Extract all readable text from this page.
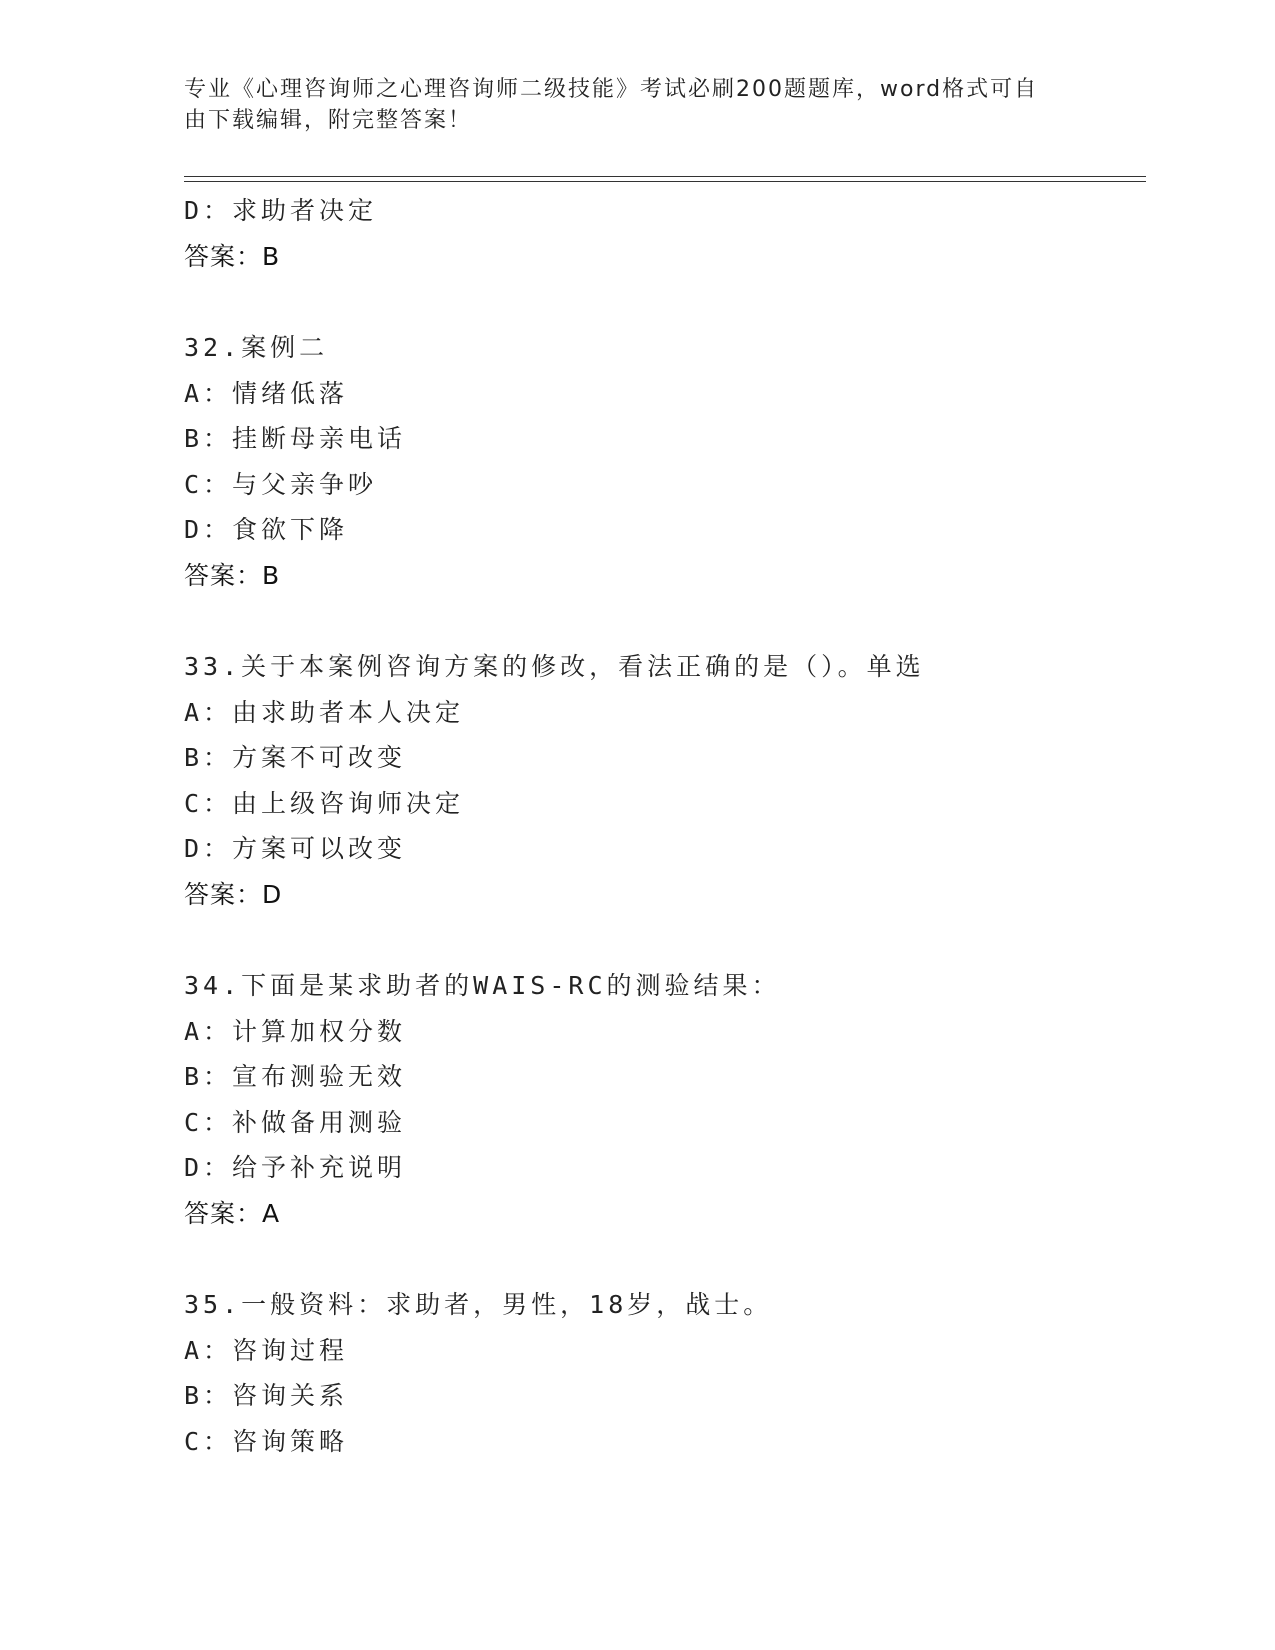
专业《心理咨询师之心理咨询师二级技能》考试必刷200题题库，word格式可自
由下载编辑，附完整答案！
D：求助者决定
答案：B
32.案例二
A：情绪低落
B：挂断母亲电话
C：与父亲争吵
D：食欲下降
答案：B
33.关于本案例咨询方案的修改，看法正确的是（）。单选
A：由求助者本人决定
B：方案不可改变
C：由上级咨询师决定
D：方案可以改变
答案：D
34.下面是某求助者的WAIS-RC的测验结果：
A：计算加权分数
B：宣布测验无效
C：补做备用测验
D：给予补充说明
答案：A
35.一般资料：求助者，男性，18岁，战士。
A：咨询过程
B：咨询关系
C：咨询策略
